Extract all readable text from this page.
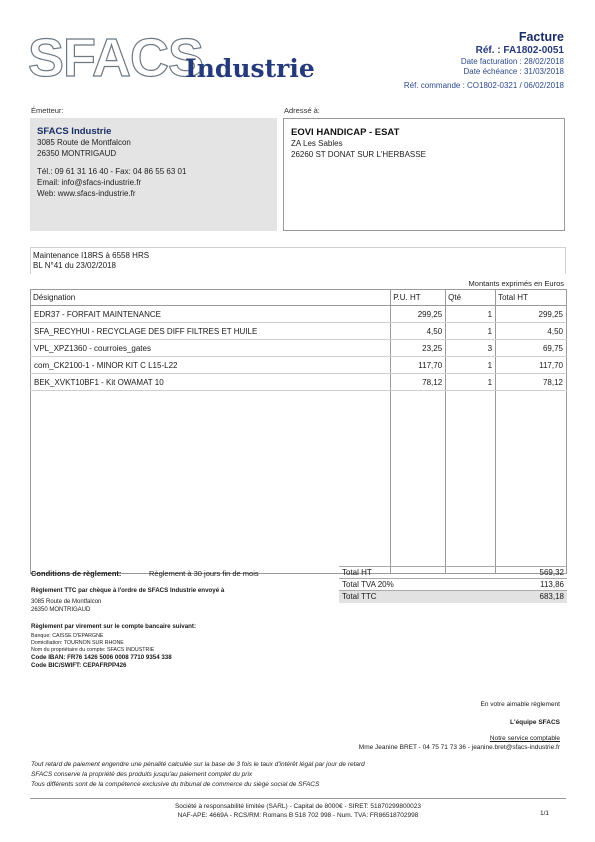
SFACS
Industrie
Facture
Réf. : FA1802-0051
Date facturation : 28/02/2018
Date échéance : 31/03/2018
Réf. commande : CO1802-0321 / 06/02/2018
Émetteur:	Adressé à:
SFACS Industrie
3085 Route de Montfalcon
26350 MONTRIGAUD
Tél.: 09 61 31 16 40 - Fax: 04 86 55 63 01
Email: info@sfacs-industrie.fr
Web: www.sfacs-industrie.fr
EOVI HANDICAP - ESAT
ZA Les Sables
26260 ST DONAT SUR L'HERBASSE
Maintenance I18RS à 6558 HRS
BL N°41 du 23/02/2018
Montants exprimés en Euros
Désignation	P.U. HT	Qté	Total HT
EDR37 - FORFAIT MAINTENANCE	299,25	1	299,25
SFA_RECYHUI - RECYCLAGE DES DIFF FILTRES ET HUILE	4,50	1	4,50
VPL_XPZ1360 - courroies_gates	23,25	3	69,75
com_CK2100-1 - MINOR KIT C L15-L22	117,70	1	117,70
BEK_XVKT10BF1 - Kit OWAMAT 10	78,12	1	78,12

Conditions de règlement:	Règlement à 30 jours fin de mois
Règlement TTC par chèque à l'ordre de SFACS Industrie envoyé à
3085 Route de Montfalcon
26350 MONTRIGAUD
Règlement par virement sur le compte bancaire suivant:
Banque: CAISSE D'EPARGNE
Domiciliation: TOURNON SUR RHONE
Nom du propriétaire du compte: SFACS INDUSTRIE
Code IBAN: FR76 1426 5006 0008 7710 9354 338
Code BIC/SWIFT: CEPAFRPP426
Total HT	569,32
Total TVA 20%	113,86
Total TTC	683,18
En votre aimable règlement
L'équipe SFACS
Notre service comptable
Mme Jeanine BRET - 04 75 71 73 36 - jeanine.bret@sfacs-industrie.fr
Tout retard de paiement engendre une pénalité calculée sur la base de 3 fois le taux d'intérêt légal par jour de retard
SFACS conserve la propriété des produits jusqu'au paiement complet du prix
Tous différents sont de la compétence exclusive du tribunal de commerce du siège social de SFACS
Société à responsabilité limitée (SARL) - Capital de 8000€ - SIRET: 51870299800023
NAF-APE: 4669A - RCS/RM: Romans B 518 702 998 - Num. TVA: FR86518702998	1/1
